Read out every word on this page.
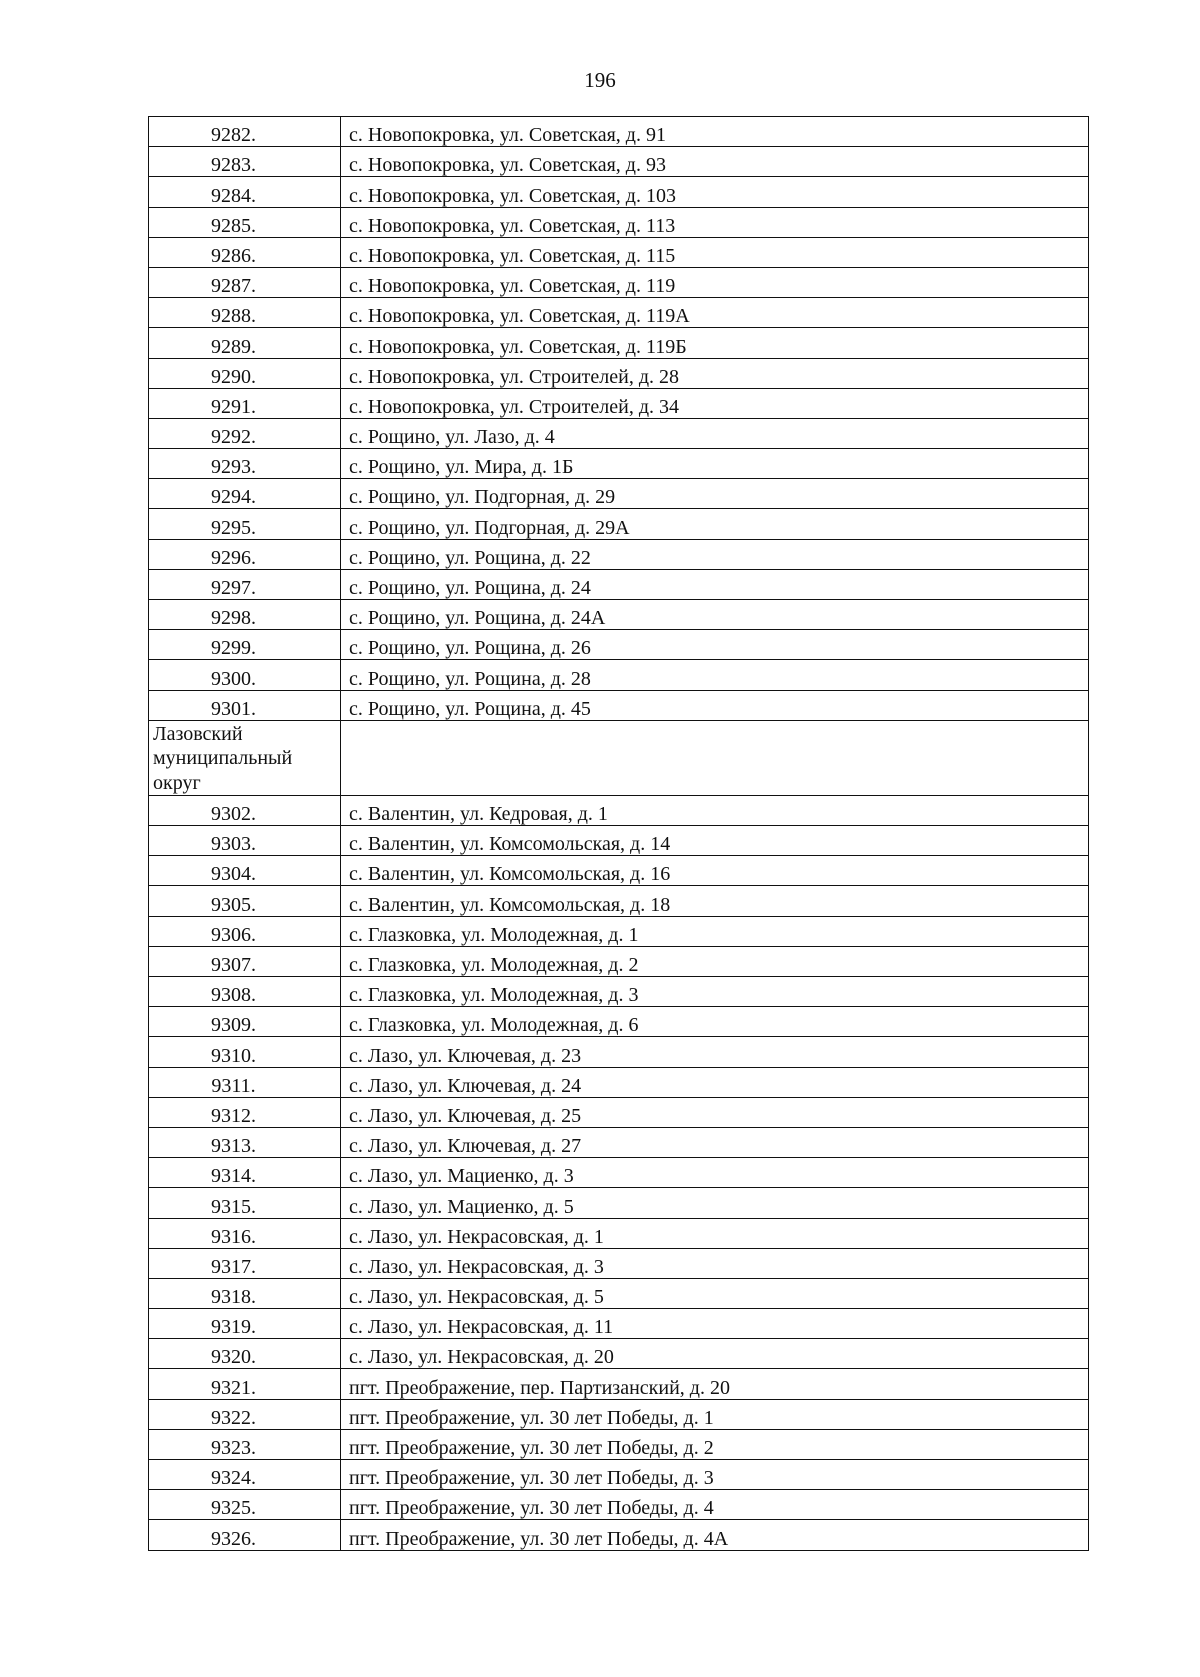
196
9282.	с. Новопокровка, ул. Советская, д. 91
9283.	с. Новопокровка, ул. Советская, д. 93
9284.	с. Новопокровка, ул. Советская, д. 103
9285.	с. Новопокровка, ул. Советская, д. 113
9286.	с. Новопокровка, ул. Советская, д. 115
9287.	с. Новопокровка, ул. Советская, д. 119
9288.	с. Новопокровка, ул. Советская, д. 119А
9289.	с. Новопокровка, ул. Советская, д. 119Б
9290.	с. Новопокровка, ул. Строителей, д. 28
9291.	с. Новопокровка, ул. Строителей, д. 34
9292.	с. Рощино, ул. Лазо, д. 4
9293.	с. Рощино, ул. Мира, д. 1Б
9294.	с. Рощино, ул. Подгорная, д. 29
9295.	с. Рощино, ул. Подгорная, д. 29А
9296.	с. Рощино, ул. Рощина, д. 22
9297.	с. Рощино, ул. Рощина, д. 24
9298.	с. Рощино, ул. Рощина, д. 24А
9299.	с. Рощино, ул. Рощина, д. 26
9300.	с. Рощино, ул. Рощина, д. 28
9301.	с. Рощино, ул. Рощина, д. 45

Лазовский
муниципальный
округ	

9302.	с. Валентин, ул. Кедровая, д. 1
9303.	с. Валентин, ул. Комсомольская, д. 14
9304.	с. Валентин, ул. Комсомольская, д. 16
9305.	с. Валентин, ул. Комсомольская, д. 18
9306.	с. Глазковка, ул. Молодежная, д. 1
9307.	с. Глазковка, ул. Молодежная, д. 2
9308.	с. Глазковка, ул. Молодежная, д. 3
9309.	с. Глазковка, ул. Молодежная, д. 6
9310.	с. Лазо, ул. Ключевая, д. 23
9311.	с. Лазо, ул. Ключевая, д. 24
9312.	с. Лазо, ул. Ключевая, д. 25
9313.	с. Лазо, ул. Ключевая, д. 27
9314.	с. Лазо, ул. Мациенко, д. 3
9315.	с. Лазо, ул. Мациенко, д. 5
9316.	с. Лазо, ул. Некрасовская, д. 1
9317.	с. Лазо, ул. Некрасовская, д. 3
9318.	с. Лазо, ул. Некрасовская, д. 5
9319.	с. Лазо, ул. Некрасовская, д. 11
9320.	с. Лазо, ул. Некрасовская, д. 20
9321.	пгт. Преображение, пер. Партизанский, д. 20
9322.	пгт. Преображение, ул. 30 лет Победы, д. 1
9323.	пгт. Преображение, ул. 30 лет Победы, д. 2
9324.	пгт. Преображение, ул. 30 лет Победы, д. 3
9325.	пгт. Преображение, ул. 30 лет Победы, д. 4
9326.	пгт. Преображение, ул. 30 лет Победы, д. 4А
